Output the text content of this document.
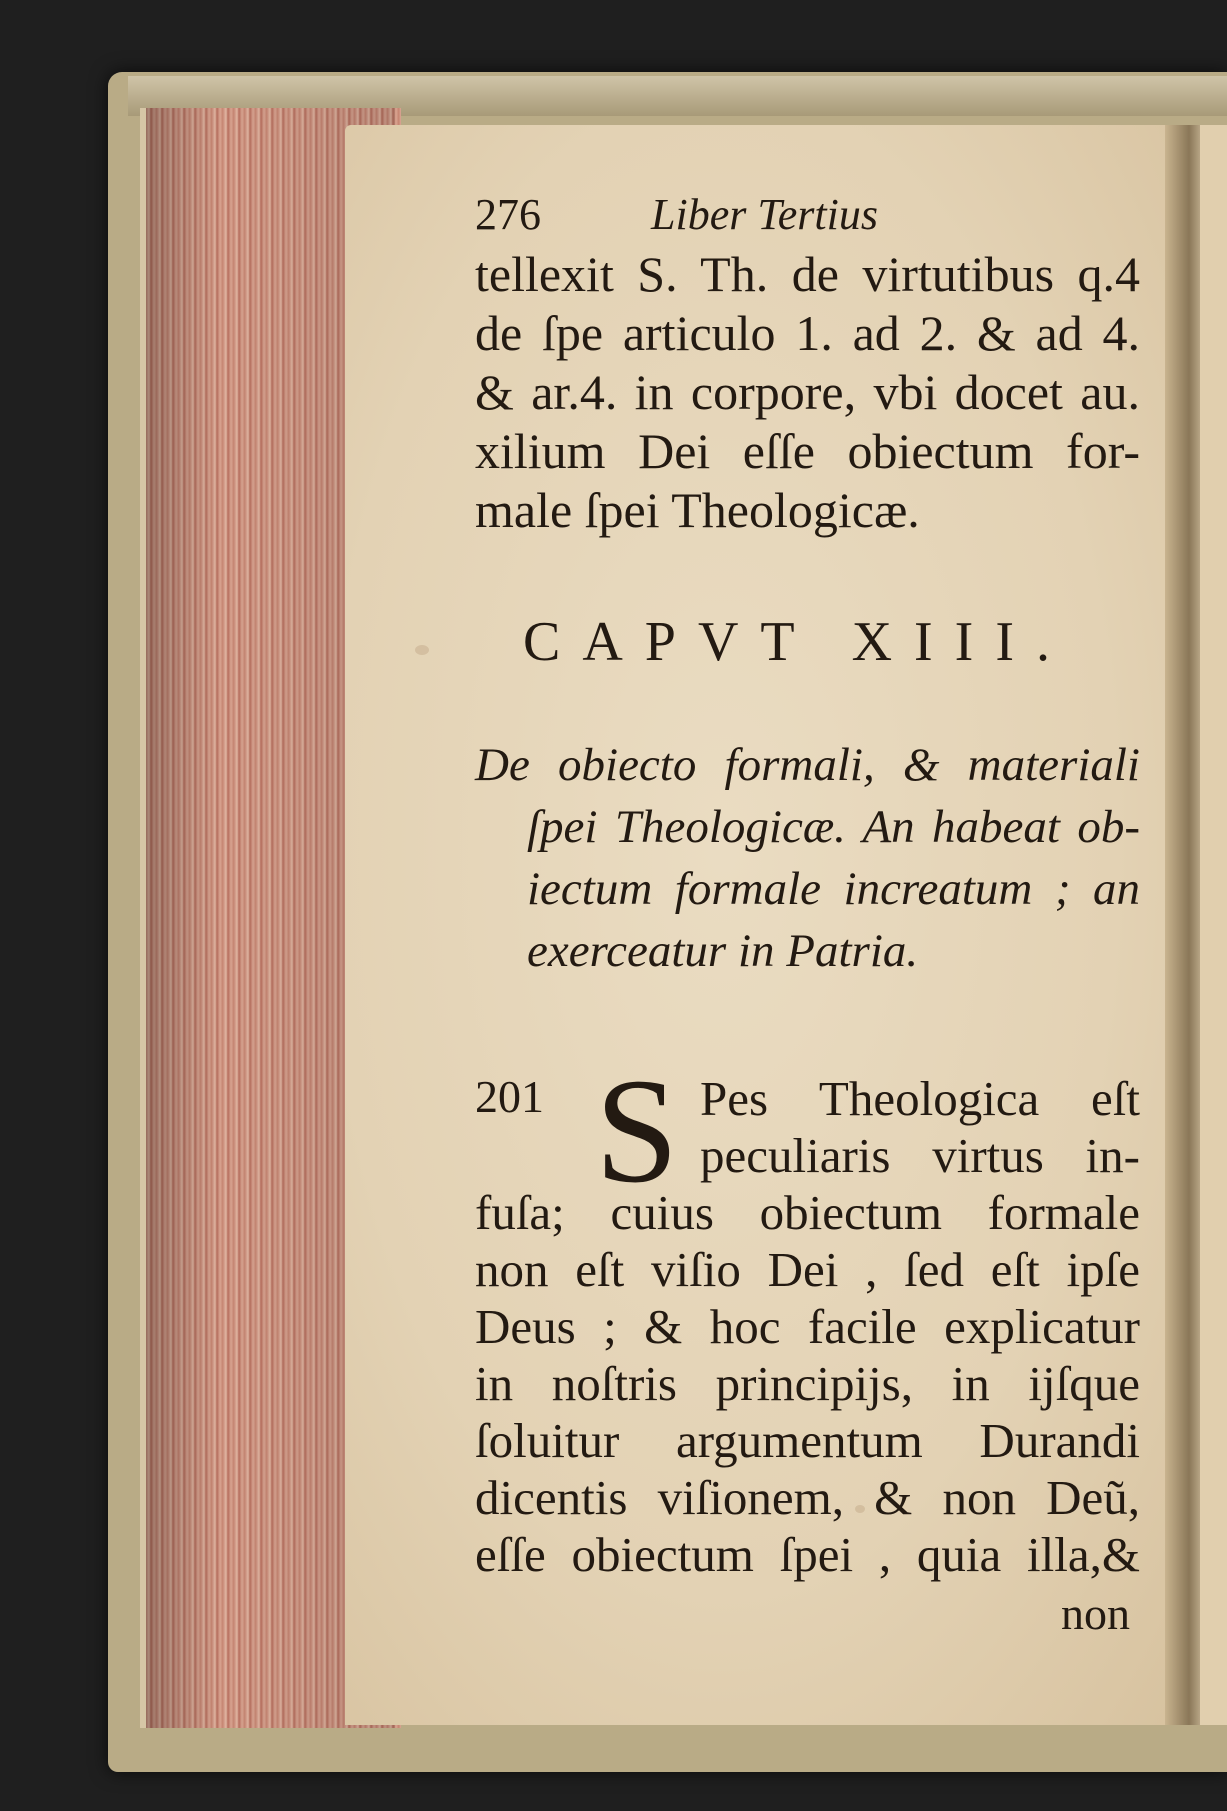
276	Liber Tertius
tellexit S. Th. de virtutibus q.4
de ſpe articulo 1. ad 2. & ad 4.
& ar.4. in corpore, vbi docet au.
xilium Dei eſſe obiectum for-
male ſpei Theologicæ.
CAPVT XIII.
De obiecto formali, & materiali
ſpei Theologicæ. An habeat ob-
iectum formale increatum ; an
exerceatur in Patria.
201 S Pes Theologica eſt
peculiaris virtus in-
fuſa; cuius obiectum formale
non eſt viſio Dei , ſed eſt ipſe
Deus ; & hoc facile explicatur
in noſtris principijs, in ijſque
ſoluitur argumentum Durandi
dicentis viſionem, & non Deũ,
eſſe obiectum ſpei , quia illa,&
non
